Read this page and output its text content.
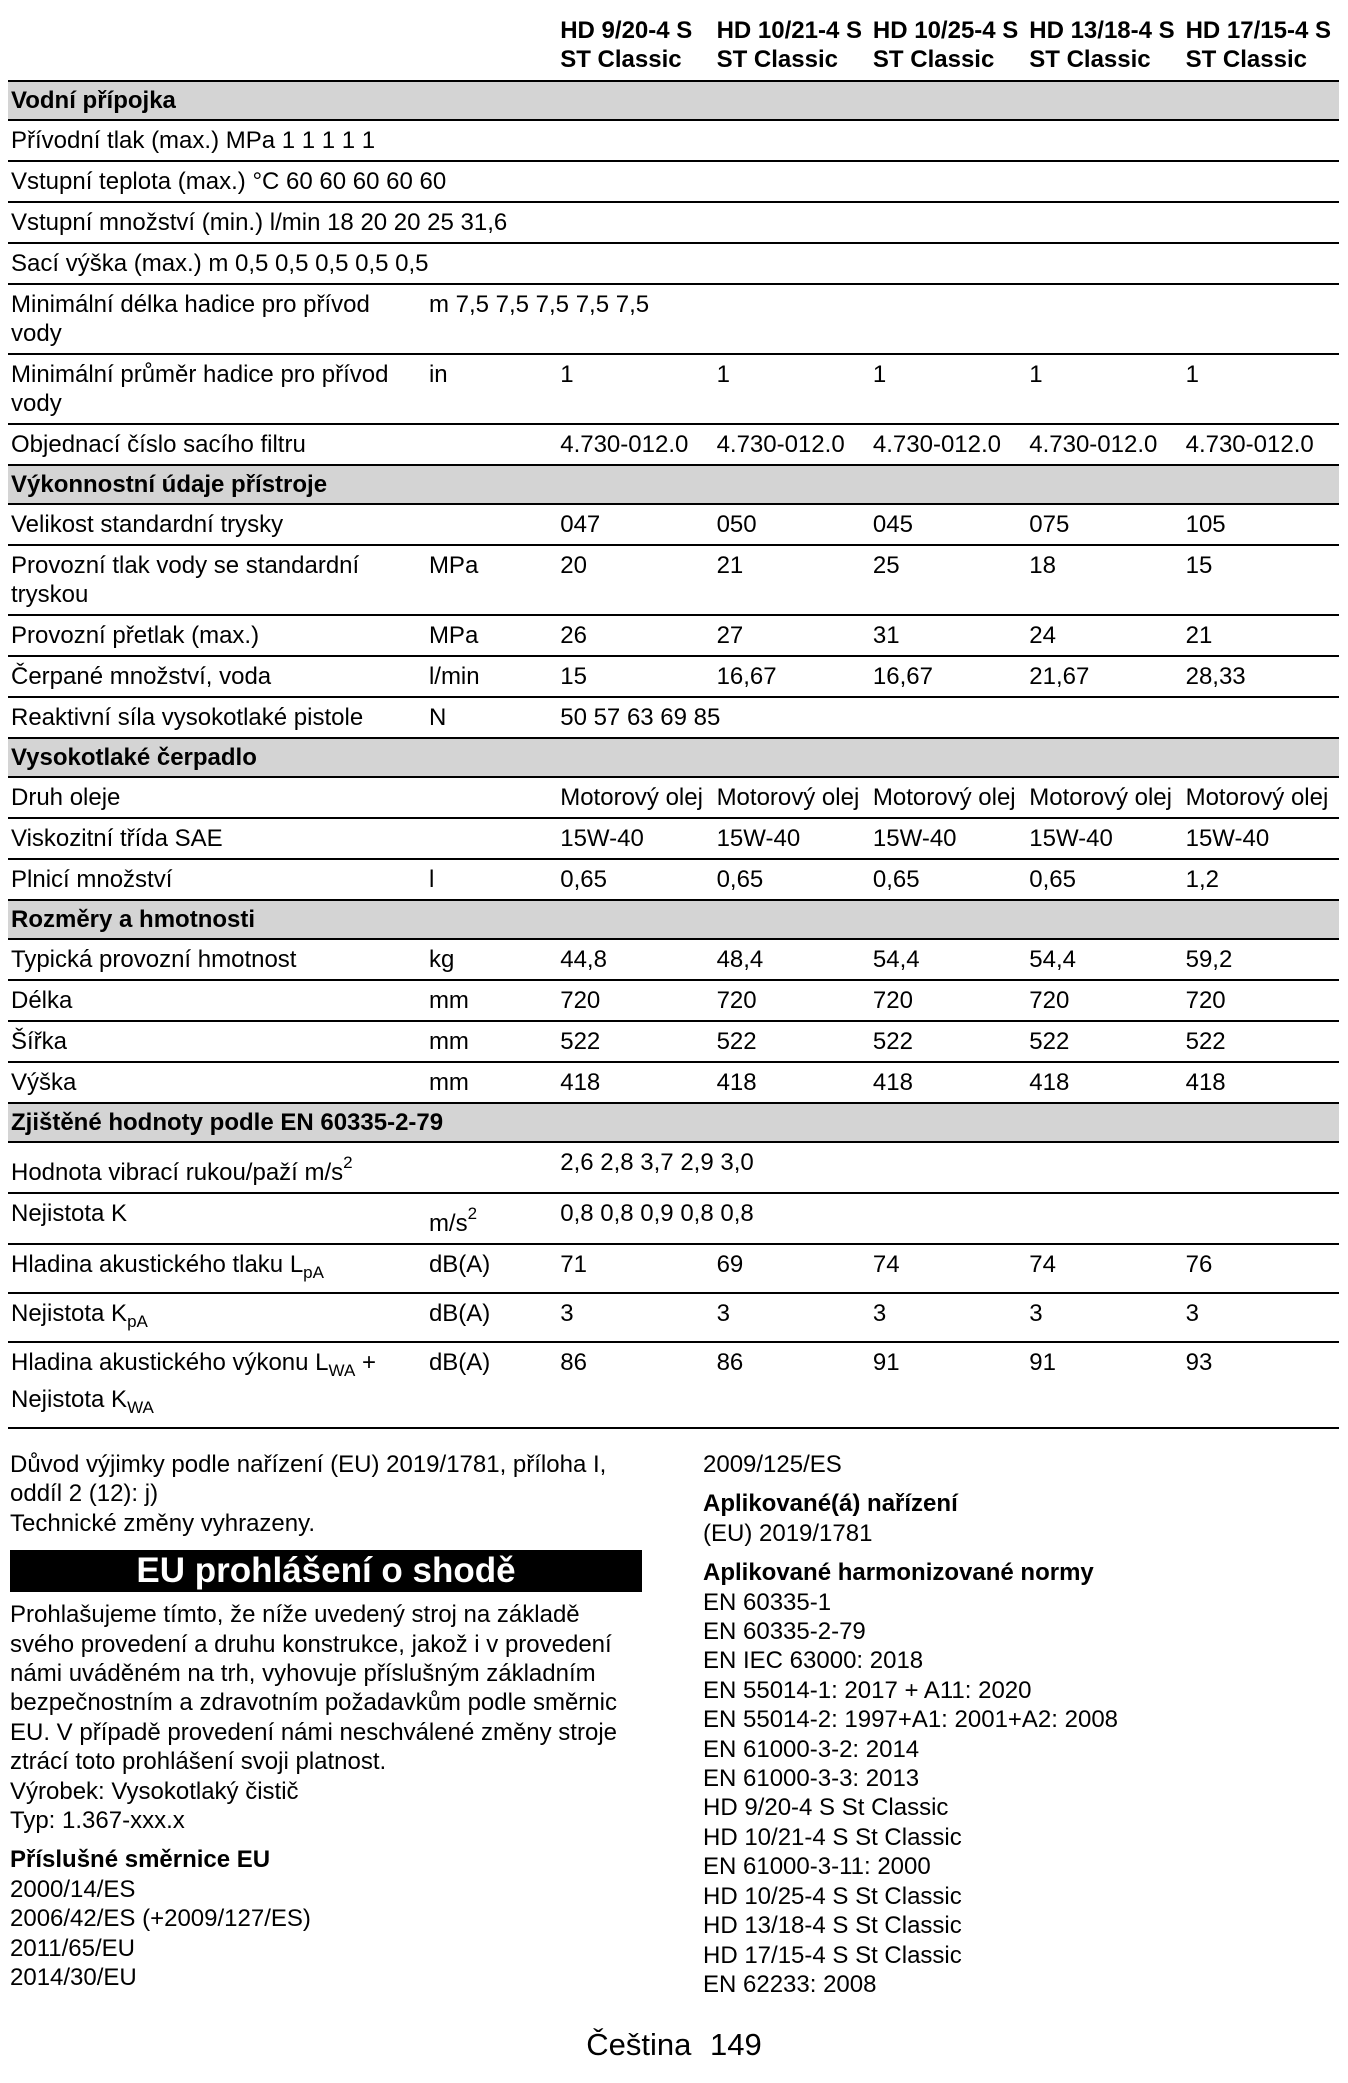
		HD 9/20-4 S ST Classic	HD 10/21-4 S ST Classic	HD 10/25-4 S ST Classic	HD 13/18-4 S ST Classic	HD 17/15-4 S ST Classic
Vodní přípojka						
Přívodní tlak (max.) MPa 1 1 1 1 1						
Vstupní teplota (max.) °C 60 60 60 60 60						
Vstupní množství (min.) l/min 18 20 20 25 31,6						
Sací výška (max.) m 0,5 0,5 0,5 0,5 0,5						
Minimální délka hadice pro přívod vody	m 7,5 7,5 7,5 7,5 7,5					
Minimální průměr hadice pro přívod vody	in	1	1	1	1	1
Objednací číslo sacího filtru		4.730-012.0	4.730-012.0	4.730-012.0	4.730-012.0	4.730-012.0
Výkonnostní údaje přístroje						
Velikost standardní trysky		047	050	045	075	105
Provozní tlak vody se standardní tryskou	MPa	20	21	25	18	15
Provozní přetlak (max.)	MPa	26	27	31	24	21
Čerpané množství, voda	l/min	15	16,67	16,67	21,67	28,33
Reaktivní síla vysokotlaké pistole	N	50 57 63 69 85				
Vysokotlaké čerpadlo						
Druh oleje		Motorový olej	Motorový olej	Motorový olej	Motorový olej	Motorový olej
Viskozitní třída SAE		15W-40	15W-40	15W-40	15W-40	15W-40
Plnicí množství	l	0,65	0,65	0,65	0,65	1,2
Rozměry a hmotnosti						
Typická provozní hmotnost	kg	44,8	48,4	54,4	54,4	59,2
Délka	mm	720	720	720	720	720
Šířka	mm	522	522	522	522	522
Výška	mm	418	418	418	418	418
Zjištěné hodnoty podle EN 60335-2-79						
Hodnota vibrací rukou/paží $m/s^2$		2,6 2,8 3,7 2,9 3,0				
Nejistota K	$m/s^2$	0,8 0,8 0,9 0,8 0,8				
Hladina akustického tlaku $L_{pA}$	dB(A)	71	69	74	74	76
Nejistota $K_{pA}$	dB(A)	3	3	3	3	3
Hladina akustického výkonu $L_{WA}$ +
Nejistota $K_{WA}$	dB(A)	86	86	91	91	93

Důvod výjimky podle nařízení (EU) 2019/1781, příloha I, oddíl 2 (12): j)

Technické změny vyhrazeny.

EU prohlášení o shodě

Prohlašujeme tímto, že níže uvedený stroj na základě svého provedení a druhu konstrukce, jakož i v provedení námi uváděném na trh, vyhovuje příslušným základním bezpečnostním a zdravotním požadavkům podle směrnic EU. V případě provedení námi neschválené změny stroje ztrácí toto prohlášení svoji platnost.

Výrobek: Vysokotlaký čistič

Typ: 1.367-xxx.x

Příslušné směrnice EU

2000/14/ES

2006/42/ES (+2009/127/ES)

2011/65/EU

2014/30/EU

2009/125/ES

Aplikované(á) nařízení

(EU) 2019/1781

Aplikované harmonizované normy

EN 60335-1

EN 60335-2-79

EN IEC 63000: 2018

EN 55014-1: 2017 + A11: 2020

EN 55014-2: 1997+A1: 2001+A2: 2008

EN 61000-3-2: 2014

EN 61000-3-3: 2013

HD 9/20-4 S St Classic

HD 10/21-4 S St Classic

EN 61000-3-11: 2000

HD 10/25-4 S St Classic

HD 13/18-4 S St Classic

HD 17/15-4 S St Classic

EN 62233: 2008

Čeština 149
